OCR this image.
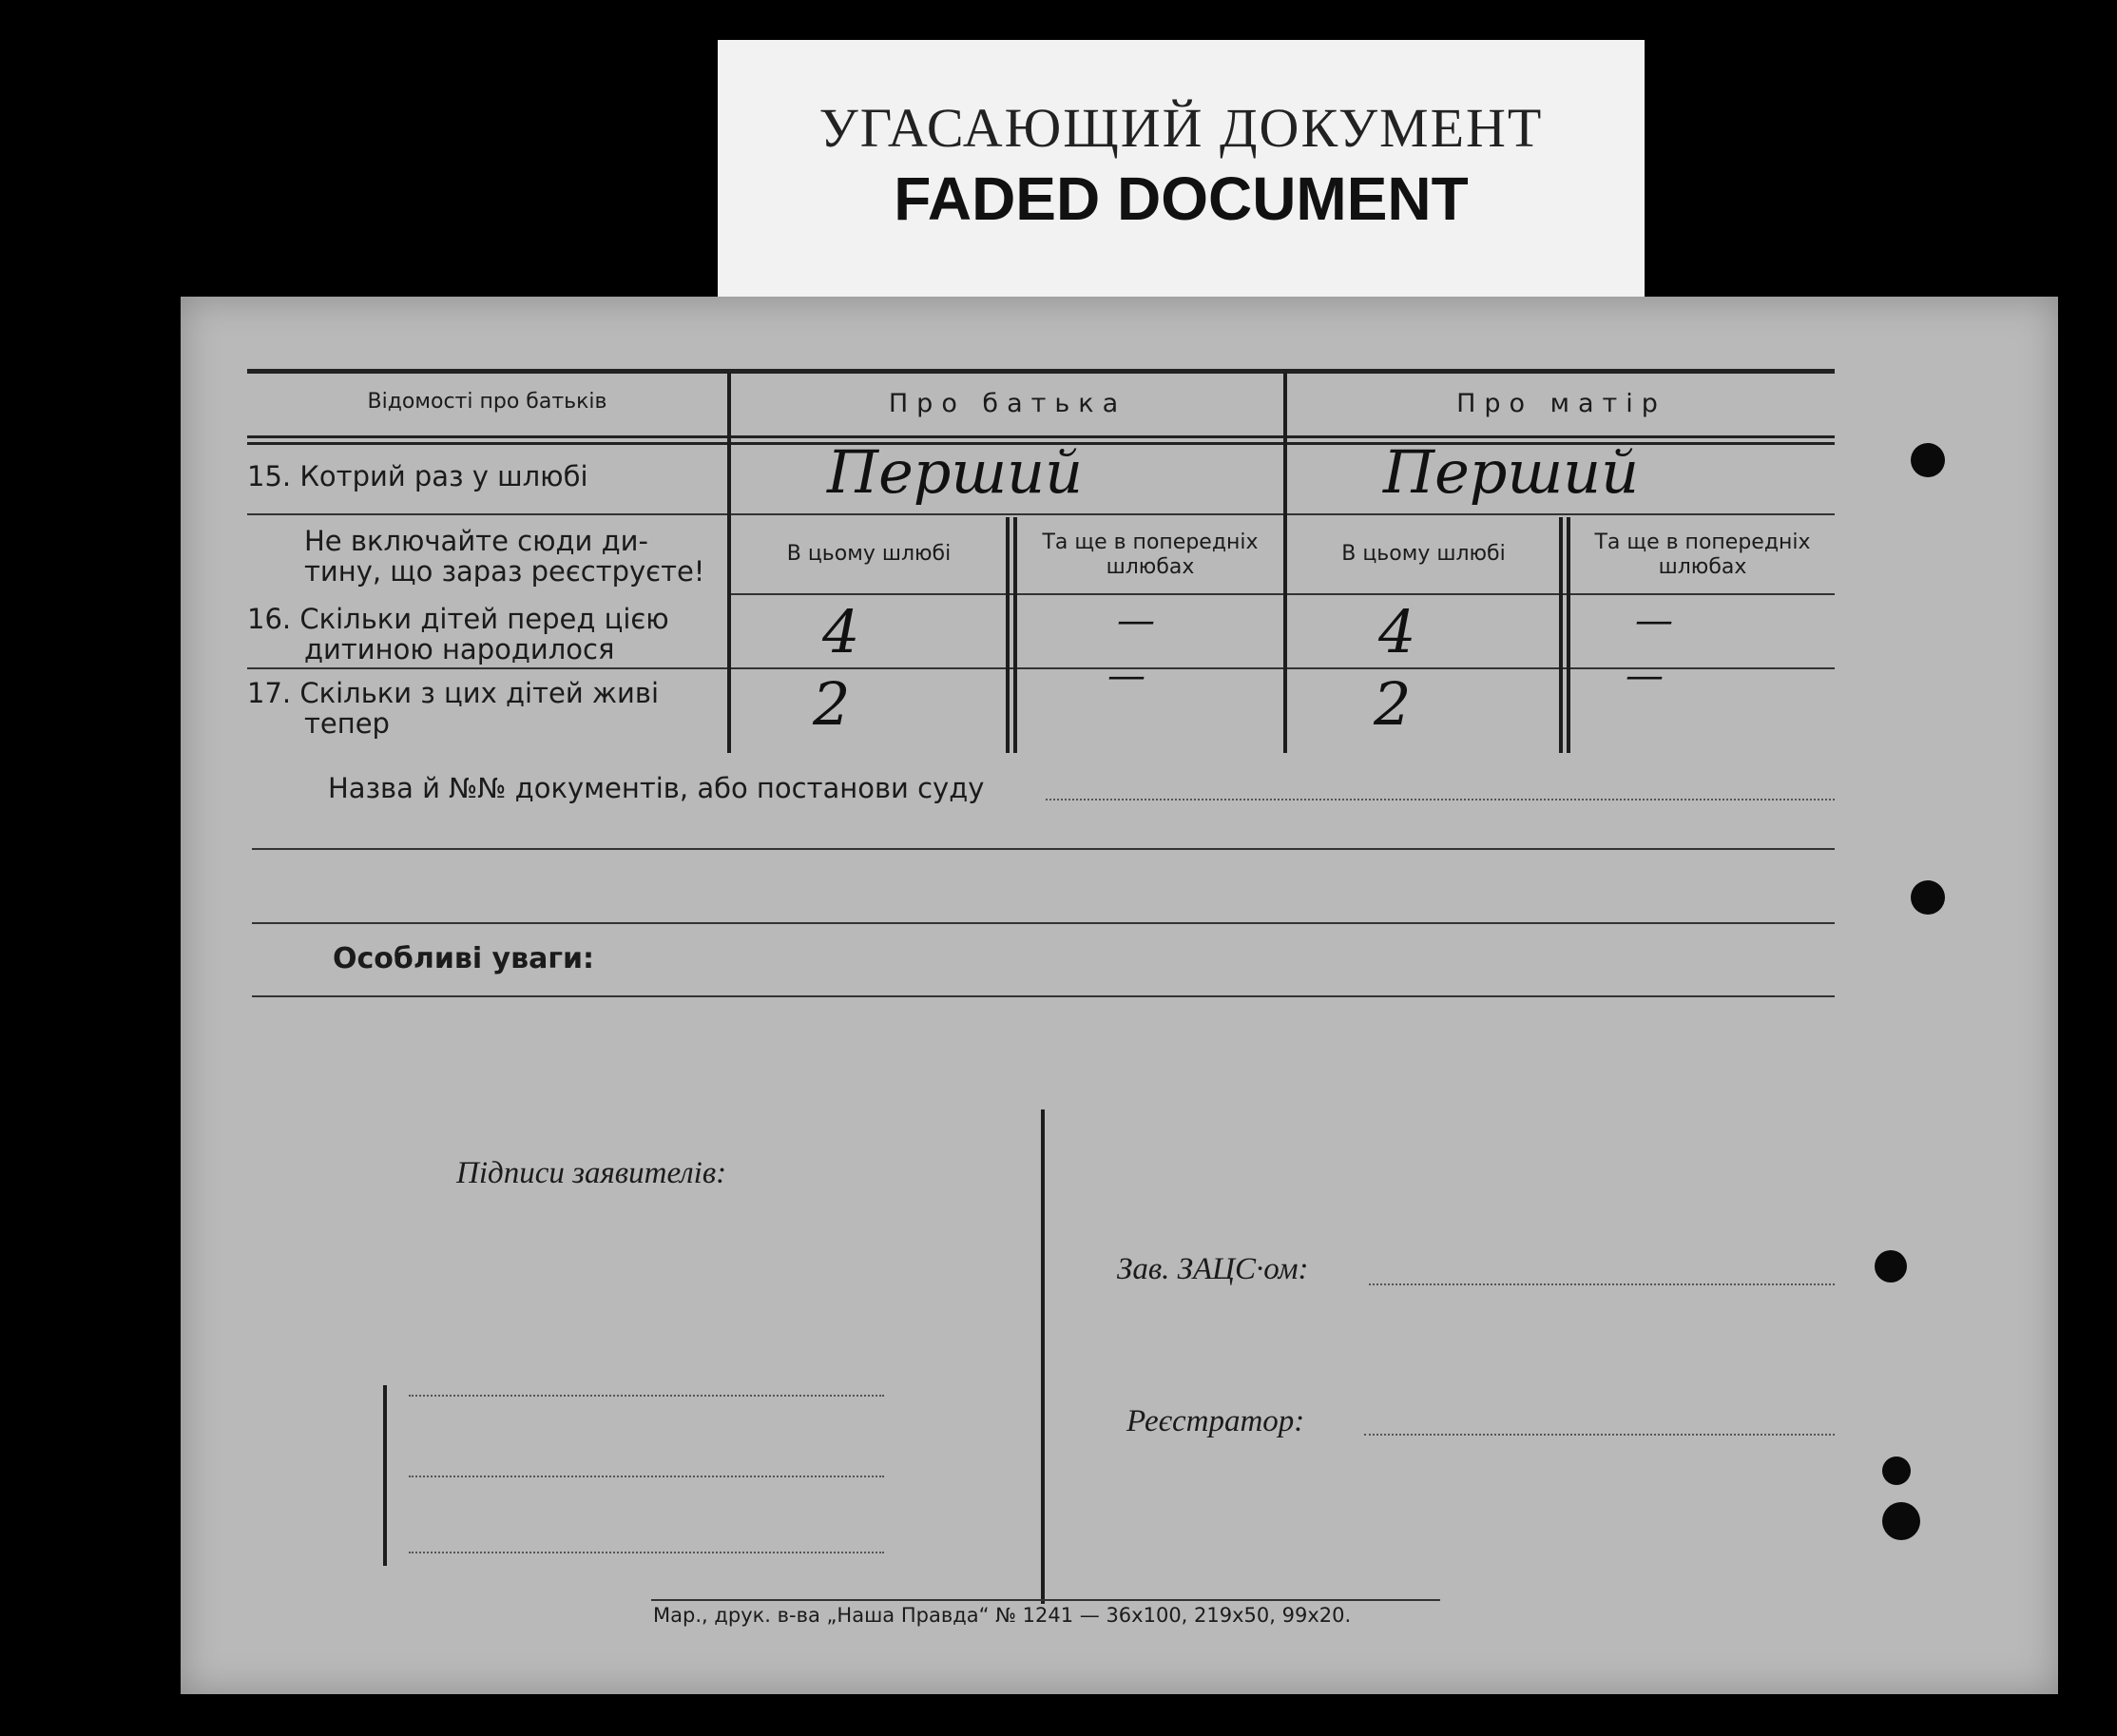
УГАСАЮЩИЙ ДОКУМЕНТ
FADED DOCUMENT
Відомості про батьків	Про батька	Про матір
15. Котрий раз у шлюбі	Перший	Перший
Не включайте сюди ди-
тину, що зараз реєструєте!
В цьому шлюбі	Та ще в попередніх
шлюбах
В цьому шлюбі	Та ще в попередніх
шлюбах
16. Скільки дітей перед цією
дитиною народилося	4	—	4	—
17. Скільки з цих дітей живі
тепер	2	—	2	—
Назва й №№ документів, або постанови суду
Особливі уваги:
Підписи заявителів:
Зав. ЗАЦС·ом:
Реєстратор:
Мар., друк. в-ва „Наша Правда“ № 1241 — 36x100, 219x50, 99x20.
